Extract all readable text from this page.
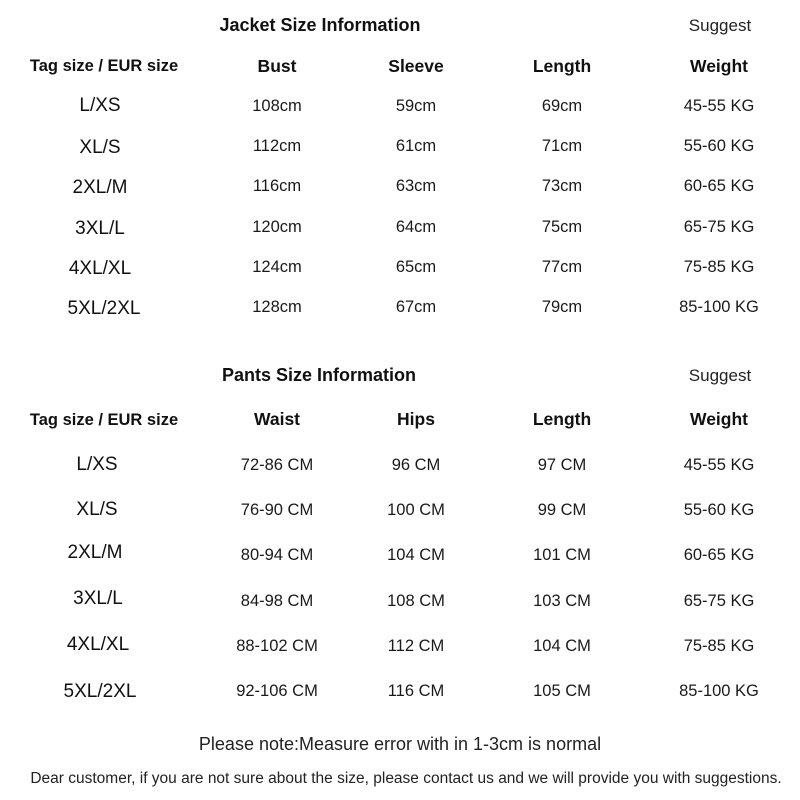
Jacket Size Information	Suggest
Tag size / EUR size	Bust	Sleeve	Length	Weight
L/XS	108cm	59cm	69cm	45-55 KG
XL/S	112cm	61cm	71cm	55-60 KG
2XL/M	116cm	63cm	73cm	60-65 KG
3XL/L	120cm	64cm	75cm	65-75 KG
4XL/XL	124cm	65cm	77cm	75-85 KG
5XL/2XL	128cm	67cm	79cm	85-100 KG
Pants Size Information	Suggest
Tag size / EUR size	Waist	Hips	Length	Weight
L/XS	72-86 CM	96 CM	97 CM	45-55 KG
XL/S	76-90 CM	100 CM	99 CM	55-60 KG
2XL/M	80-94 CM	104 CM	101 CM	60-65 KG
3XL/L	84-98 CM	108 CM	103 CM	65-75 KG
4XL/XL	88-102 CM	112 CM	104 CM	75-85 KG
5XL/2XL	92-106 CM	116 CM	105 CM	85-100 KG
Please note:Measure error with in 1-3cm is normal
Dear customer, if you are not sure about the size, please contact us and we will provide you with suggestions.
